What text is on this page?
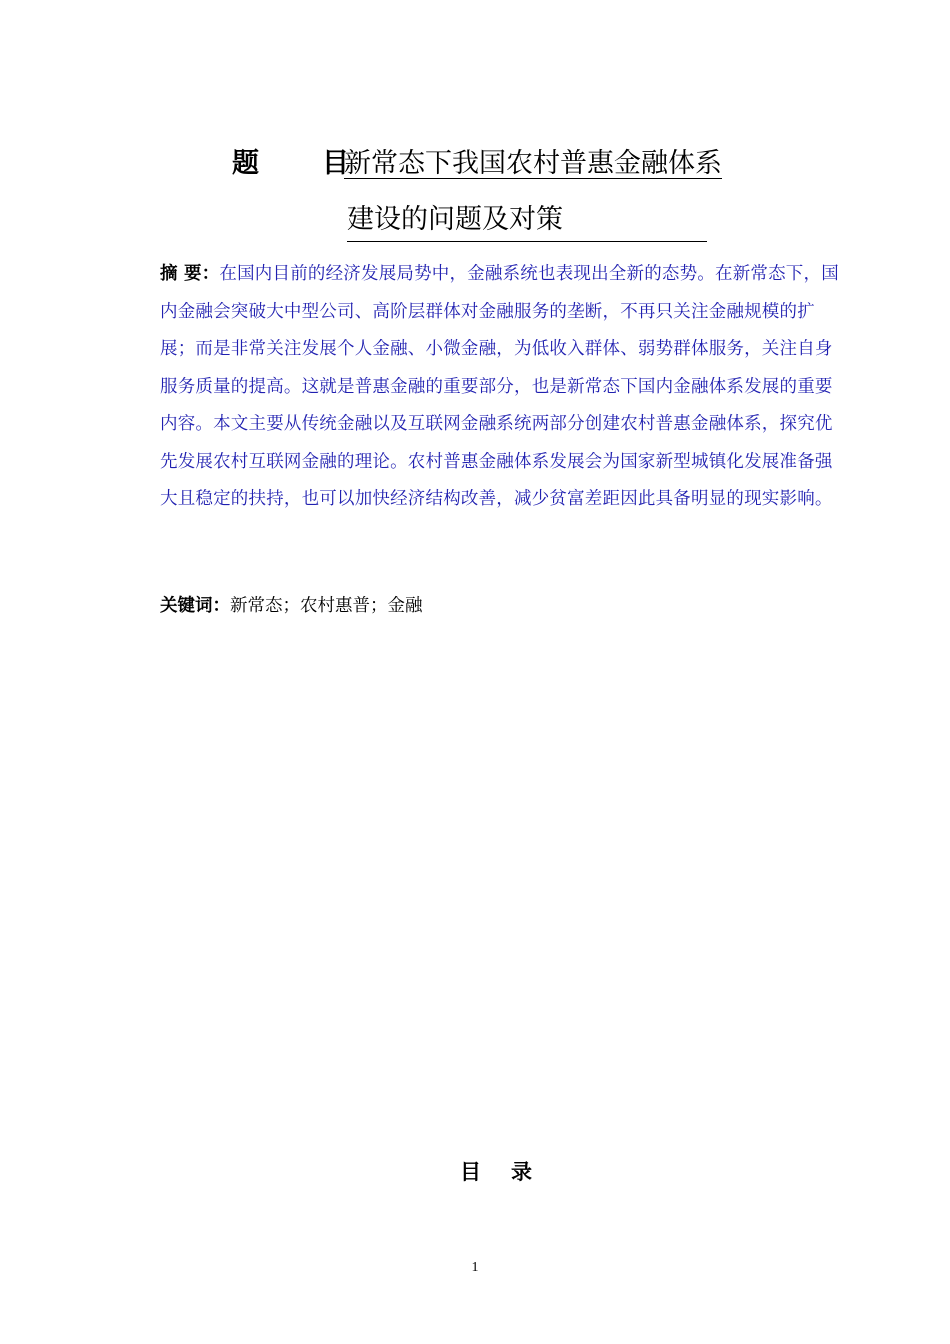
题 目新常态下我国农村普惠金融体系
建设的问题及对策
摘 要：在国内目前的经济发展局势中，金融系统也表现出全新的态势。在新常态下，国内金融会突破大中型公司、高阶层群体对金融服务的垄断，不再只关注金融规模的扩展；而是非常关注发展个人金融、小微金融，为低收入群体、弱势群体服务，关注自身服务质量的提高。这就是普惠金融的重要部分，也是新常态下国内金融体系发展的重要内容。本文主要从传统金融以及互联网金融系统两部分创建农村普惠金融体系，探究优先发展农村互联网金融的理论。农村普惠金融体系发展会为国家新型城镇化发展准备强大且稳定的扶持，也可以加快经济结构改善，减少贫富差距因此具备明显的现实影响。
关键词：新常态；农村惠普；金融
目 录
1
